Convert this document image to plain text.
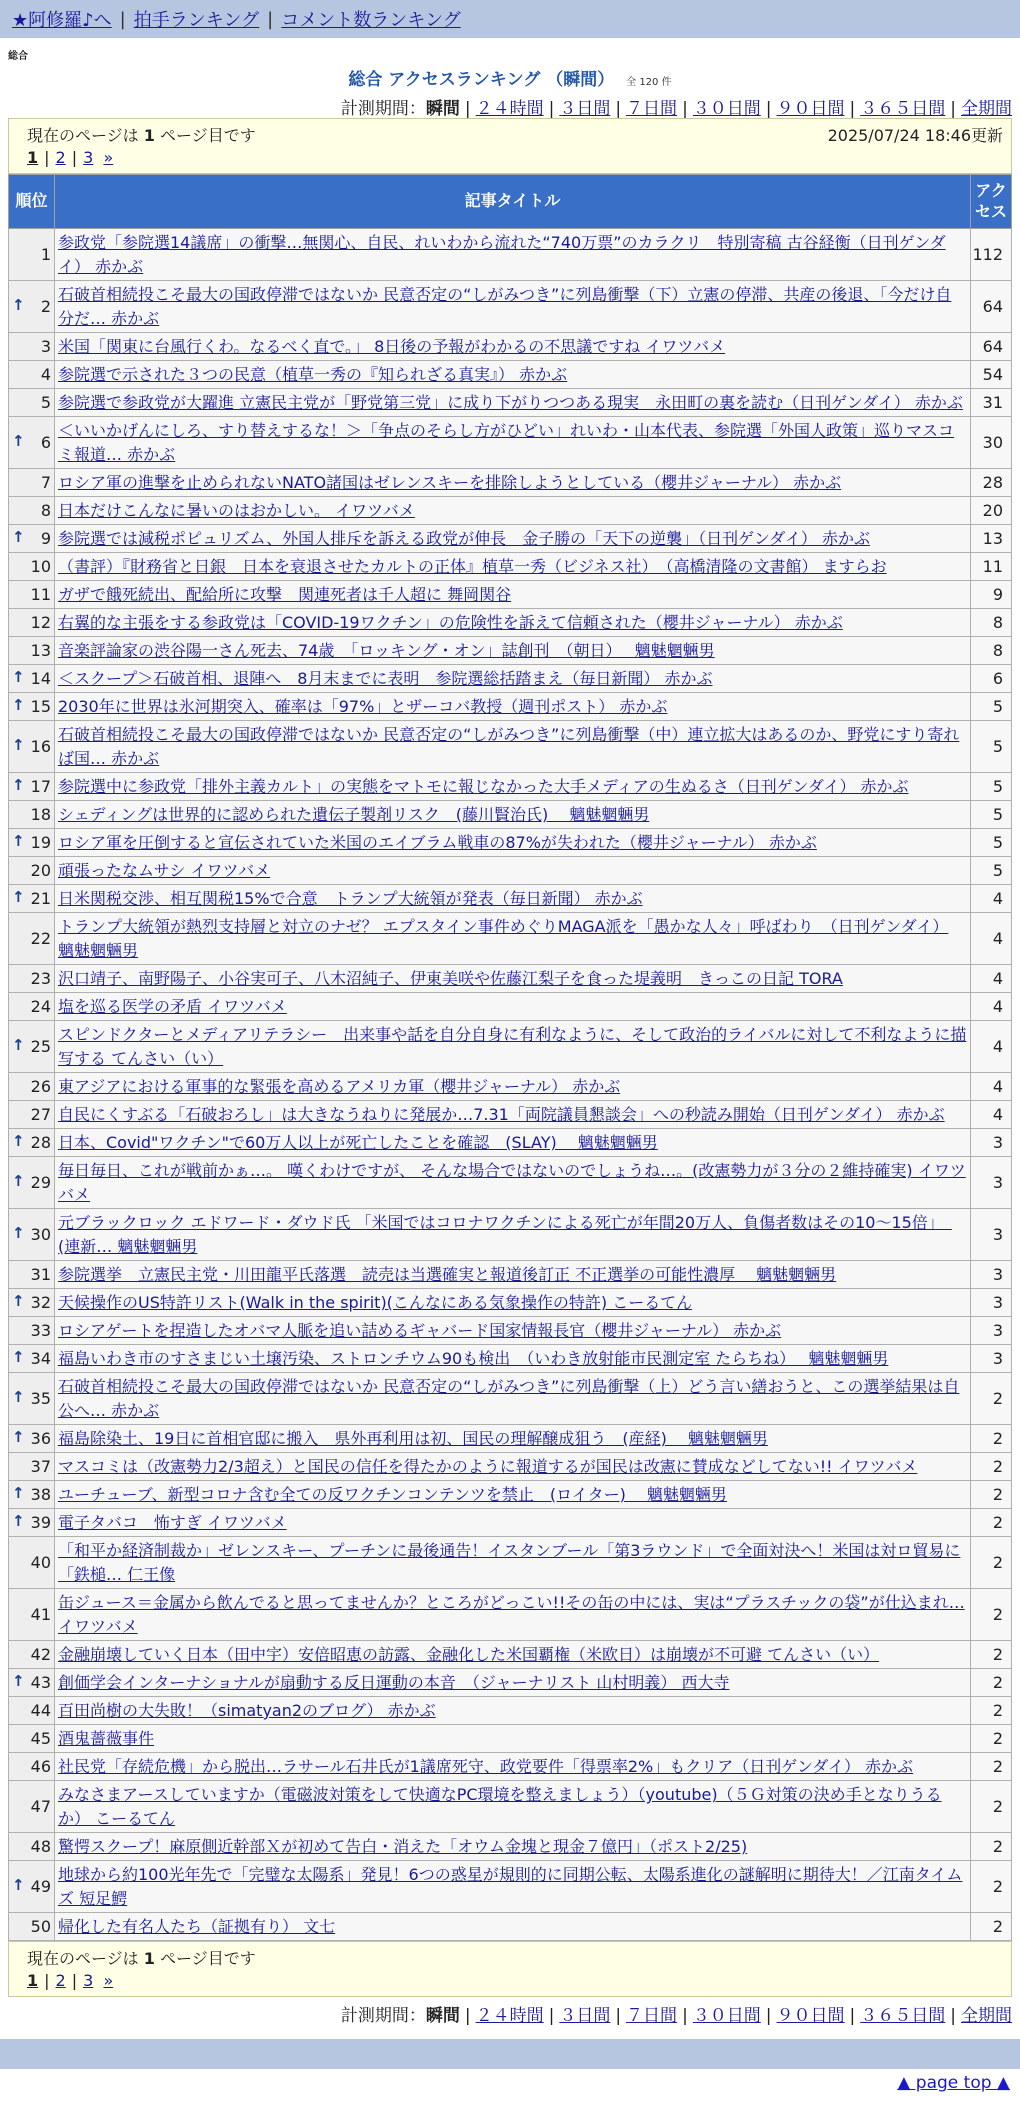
★阿修羅♪へ | 拍手ランキング | コメント数ランキング
総合
総合 アクセスランキング （瞬間） 全 120 件
計測期間：瞬間 | ２４時間 | ３日間 | ７日間 | ３０日間 | ９０日間 | ３６５日間 | 全期間
現在のページは 1 ページ目です	2025/07/24 18:46更新
1 | 2 | 3
»
順位	記事タイトル	アクセス
1	参政党「参院選14議席」の衝撃…無関心、自民、れいわから流れた“740万票”のカラクリ　特別寄稿 古谷経衡（日刊ゲンダイ） 赤かぶ	112

↑ 2	石破首相続投こそ最大の国政停滞ではないか 民意否定の“しがみつき”に列島衝撃（下）立憲の停滞、共産の後退、「今だけ自分だ… 赤かぶ	64
3	米国「関東に台風行くわ。なるべく直で。」 8日後の予報がわかるの不思議ですね イワツバメ	64
4	参院選で示された３つの民意（植草一秀の『知られざる真実』） 赤かぶ	54
5	参院選で参政党が大躍進 立憲民主党が「野党第三党」に成り下がりつつある現実　永田町の裏を読む（日刊ゲンダイ） 赤かぶ	31

↑ 6	＜いいかげんにしろ、すり替えするな！＞「争点のそらし方がひどい」れいわ・山本代表、参院選「外国人政策」巡りマスコミ報道… 赤かぶ	30
7	ロシア軍の進撃を止められないNATO諸国はゼレンスキーを排除しようとしている（櫻井ジャーナル） 赤かぶ	28
8	日本だけこんなに暑いのはおかしい。 イワツバメ	20

↑ 9	参院選では減税ポピュリズム、外国人排斥を訴える政党が伸長　金子勝の「天下の逆襲」（日刊ゲンダイ） 赤かぶ	13
10	（書評）『財務省と日銀　日本を衰退させたカルトの正体』植草一秀（ビジネス社）　（高橋清隆の文書館） ますらお	11
11	ガザで餓死続出、配給所に攻撃　関連死者は千人超に 舞岡関谷	9
12	右翼的な主張をする参政党は「COVID-19ワクチン」の危険性を訴えて信頼された（櫻井ジャーナル） 赤かぶ	8
13	音楽評論家の渋谷陽一さん死去、74歳　「ロッキング・オン」誌創刊　（朝日）　 魑魅魍魎男	8

↑ 14	＜スクープ＞石破首相、退陣へ　8月末までに表明　参院選総括踏まえ（毎日新聞） 赤かぶ	6

↑ 15	2030年に世界は氷河期突入、確率は「97%」とザーコバ教授（週刊ポスト） 赤かぶ	5

↑ 16	石破首相続投こそ最大の国政停滞ではないか 民意否定の“しがみつき”に列島衝撃（中）連立拡大はあるのか、野党にすり寄れば国… 赤かぶ	5

↑ 17	参院選中に参政党「排外主義カルト」の実態をマトモに報じなかった大手メディアの生ぬるさ（日刊ゲンダイ） 赤かぶ	5
18	シェディングは世界的に認められた遺伝子製剤リスク　(藤川賢治氏)　 魑魅魍魎男	5

↑ 19	ロシア軍を圧倒すると宣伝されていた米国のエイブラム戦車の87%が失われた（櫻井ジャーナル） 赤かぶ	5
20	頑張ったなムサシ イワツバメ	5

↑ 21	日米関税交渉、相互関税15%で合意　トランプ大統領が発表（毎日新聞） 赤かぶ	4
22	トランプ大統領が熱烈支持層と対立のナゼ？ エプスタイン事件めぐりMAGA派を「愚かな人々」呼ばわり　（日刊ゲンダイ） 魑魅魍魎男	4
23	沢口靖子、南野陽子、小谷実可子、八木沼純子、伊東美咲や佐藤江梨子を食った堤義明　きっこの日記 TORA	4
24	塩を巡る医学の矛盾 イワツバメ	4

↑ 25	スピンドクターとメディアリテラシー　出来事や話を自分自身に有利なように、そして政治的ライバルに対して不利なように描写する てんさい（い）	4
26	東アジアにおける軍事的な緊張を高めるアメリカ軍（櫻井ジャーナル） 赤かぶ	4
27	自民にくすぶる「石破おろし」は大きなうねりに発展か…7.31「両院議員懇談会」への秒読み開始（日刊ゲンダイ） 赤かぶ	4

↑ 28	日本、Covid"ワクチン"で60万人以上が死亡したことを確認　(SLAY)　 魑魅魍魎男	3

↑ 29	毎日毎日、これが戦前かぁ…。 嘆くわけですが、 そんな場合ではないのでしょうね…。(改憲勢力が３分の２維持確実) イワツバメ	3

↑ 30	元ブラックロック エドワード・ダウド氏 「米国ではコロナワクチンによる死亡が年間20万人、負傷者数はその10～15倍」　(連新… 魑魅魍魎男	3
31	参院選挙　立憲民主党・川田龍平氏落選　読売は当選確実と報道後訂正 不正選挙の可能性濃厚　 魑魅魍魎男	3

↑ 32	天候操作のUS特許リスト(Walk in the spirit)(こんなにある気象操作の特許) こーるてん	3
33	ロシアゲートを捏造したオバマ人脈を追い詰めるギャバード国家情報長官（櫻井ジャーナル） 赤かぶ	3

↑ 34	福島いわき市のすさまじい土壌汚染、ストロンチウム90も検出　（いわき放射能市民測定室 たらちね）　 魑魅魍魎男	3

↑ 35	石破首相続投こそ最大の国政停滞ではないか 民意否定の“しがみつき”に列島衝撃（上）どう言い繕おうと、この選挙結果は自公へ… 赤かぶ	2

↑ 36	福島除染土、19日に首相官邸に搬入　県外再利用は初、国民の理解醸成狙う　(産経)　 魑魅魍魎男	2
37	マスコミは（改憲勢力2/3超え）と国民の信任を得たかのように報道するが国民は改憲に賛成などしてない!! イワツバメ	2

↑ 38	ユーチューブ、新型コロナ含む全ての反ワクチンコンテンツを禁止　(ロイター)　 魑魅魍魎男	2

↑ 39	電子タバコ　怖すぎ イワツバメ	2
40	「和平か経済制裁か」ゼレンスキー、プーチンに最後通告！イスタンブール「第3ラウンド」で全面対決へ！米国は対ロ貿易に「鉄槌… 仁王像	2
41	缶ジュース＝金属から飲んでると思ってませんか？ところがどっこい!!その缶の中には、実は“プラスチックの袋”が仕込まれ… イワツバメ	2
42	金融崩壊していく日本（田中宇）安倍昭恵の訪露、金融化した米国覇権（米欧日）は崩壊が不可避 てんさい（い）	2

↑ 43	創価学会インターナショナルが扇動する反日運動の本音　（ジャーナリスト 山村明義） 西大寺	2
44	百田尚樹の大失敗！（simatyan2のブログ） 赤かぶ	2
45	酒鬼薔薇事件	2
46	社民党「存続危機」から脱出…ラサール石井氏が1議席死守、政党要件「得票率2%」もクリア（日刊ゲンダイ） 赤かぶ	2
47	みなさまアースしていますか（電磁波対策をして快適なPC環境を整えましょう）（youtube)（５Ｇ対策の決め手となりうるか） こーるてん	2
48	驚愕スクープ！麻原側近幹部Ｘが初めて告白・消えた「オウム金塊と現金７億円」（ポスト2/25)	2

↑ 49	地球から約100光年先で「完璧な太陽系」発見！6つの惑星が規則的に同期公転、太陽系進化の謎解明に期待大！／江南タイムズ 短足鰐	2
50	帰化した有名人たち（証拠有り） 文七	2
現在のページは 1 ページ目です
1 | 2 | 3
»
計測期間：瞬間 | ２４時間 | ３日間 | ７日間 | ３０日間 | ９０日間 | ３６５日間 | 全期間
▲ page top ▲
